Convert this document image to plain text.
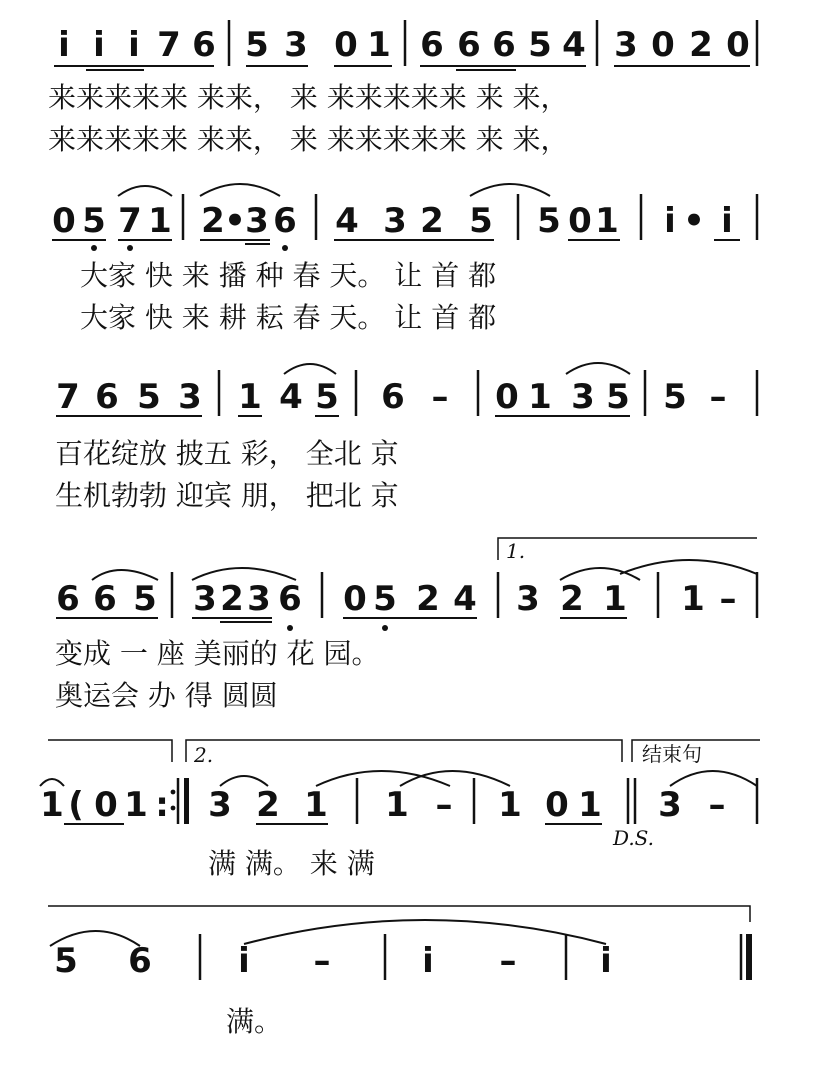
i i i 7 6 5 3 0 1 6 6 6 5 4 3 0 2 0
来来来来来 来来， 来 来来来来来 来 来，
来来来来来 来来， 来 来来来来来 来 来，
0 5 7 1 2 • 3 6 4 3 2 5 5 0 1 i • i
大家 快 来 播 种 春 天。 让 首 都
大家 快 来 耕 耘 春 天。 让 首 都
7 6 5 3 1 4 5 6 – 0 1 3 5 5 –
百花绽放 披五 彩， 全北 京
生机勃勃 迎宾 朋， 把北 京
1.
6 6 5 3 2 3 6 0 5 2 4 3 2 1 1 –
变成 一 座 美丽的 花 园。
奥运会 办 得 圆圆
2.	结束句
D.S.
1 ( 0 1 : 3 2 1 1 – 1 0 1 3 –
满 满。 来 满
5 6	i –	i – i
满。
